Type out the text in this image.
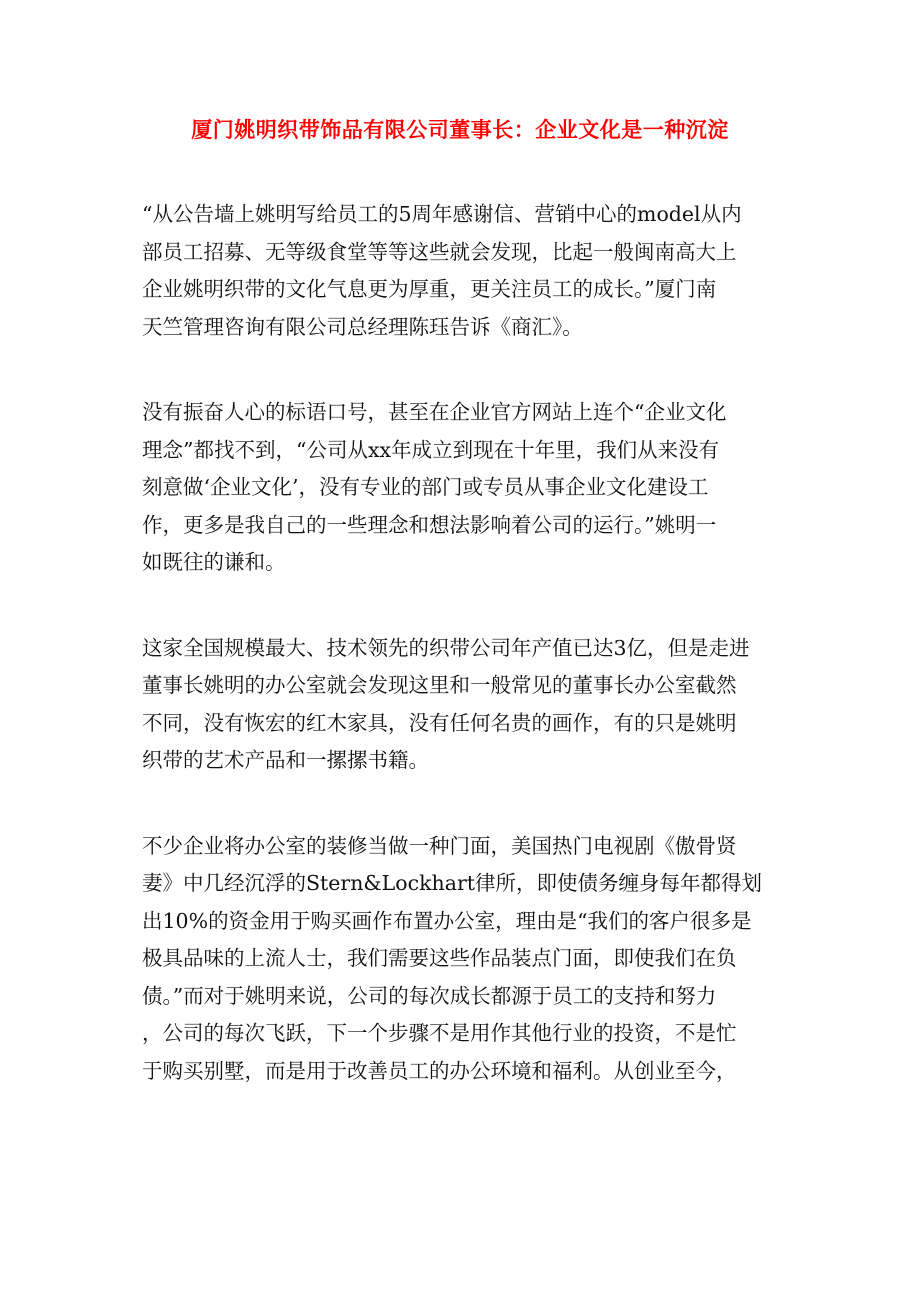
厦门姚明织带饰品有限公司董事长：企业文化是一种沉淀
“从公告墙上姚明写给员工的5周年感谢信、营销中心的model从内
部员工招募、无等级食堂等等这些就会发现，比起一般闽南高大上
企业姚明织带的文化气息更为厚重，更关注员工的成长。”厦门南
天竺管理咨询有限公司总经理陈珏告诉《商汇》。
没有振奋人心的标语口号，甚至在企业官方网站上连个“企业文化
理念”都找不到，“公司从xx年成立到现在十年里，我们从来没有
刻意做‘企业文化’，没有专业的部门或专员从事企业文化建设工
作，更多是我自己的一些理念和想法影响着公司的运行。”姚明一
如既往的谦和。
这家全国规模最大、技术领先的织带公司年产值已达3亿，但是走进
董事长姚明的办公室就会发现这里和一般常见的董事长办公室截然
不同，没有恢宏的红木家具，没有任何名贵的画作，有的只是姚明
织带的艺术产品和一摞摞书籍。
不少企业将办公室的装修当做一种门面，美国热门电视剧《傲骨贤
妻》中几经沉浮的Stern&Lockhart律所，即使债务缠身每年都得划
出10%的资金用于购买画作布置办公室，理由是“我们的客户很多是
极具品味的上流人士，我们需要这些作品装点门面，即使我们在负
债。”而对于姚明来说，公司的每次成长都源于员工的支持和努力
，公司的每次飞跃，下一个步骤不是用作其他行业的投资，不是忙
于购买别墅，而是用于改善员工的办公环境和福利。从创业至今，
